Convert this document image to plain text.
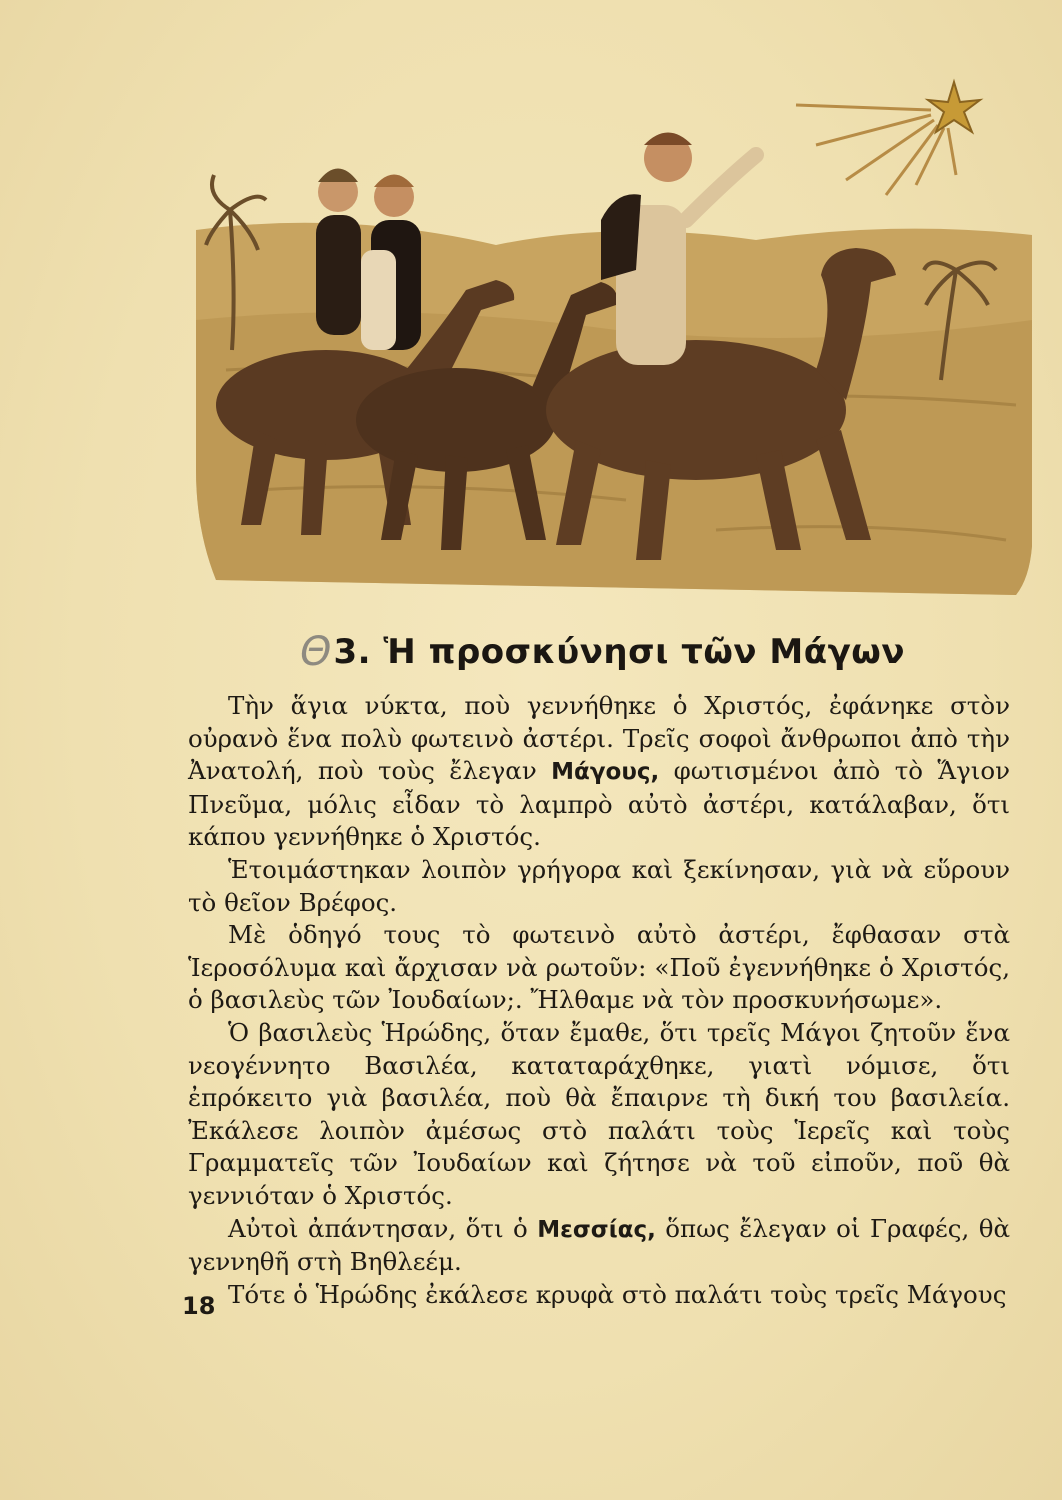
Θ 3. Ἡ προσκύνησι τῶν Μάγων

Τὴν ἅγια νύκτα, ποὺ γεννήθηκε ὁ Χριστός, ἐφάνηκε στὸν οὐρανὸ ἕνα πολὺ φωτεινὸ ἀστέρι. Τρεῖς σοφοὶ ἄνθρωποι ἀπὸ τὴν Ἀνατολή, ποὺ τοὺς ἔλεγαν Μάγους, φωτισμένοι ἀπὸ τὸ Ἅγιον Πνεῦμα, μόλις εἶδαν τὸ λαμπρὸ αὐτὸ ἀστέρι, κατάλαβαν, ὅτι κάπου γεννήθηκε ὁ Χριστός.

Ἑτοιμάστηκαν λοιπὸν γρήγορα καὶ ξεκίνησαν, γιὰ νὰ εὕρουν τὸ θεῖον Βρέφος.

Μὲ ὁδηγό τους τὸ φωτεινὸ αὐτὸ ἀστέρι, ἔφθασαν στὰ Ἱεροσόλυμα καὶ ἄρχισαν νὰ ρωτοῦν: «Ποῦ ἐγεννήθηκε ὁ Χριστός, ὁ βασιλεὺς τῶν Ἰουδαίων;. Ἤλθαμε νὰ τὸν προσκυνήσωμε».

Ὁ βασιλεὺς Ἡρώδης, ὅταν ἔμαθε, ὅτι τρεῖς Μάγοι ζητοῦν ἕνα νεογέννητο Βασιλέα, καταταράχθηκε, γιατὶ νόμισε, ὅτι ἐπρόκειτο γιὰ βασιλέα, ποὺ θὰ ἔπαιρνε τὴ δική του βασιλεία. Ἐκάλεσε λοιπὸν ἀμέσως στὸ παλάτι τοὺς Ἱερεῖς καὶ τοὺς Γραμματεῖς τῶν Ἰουδαίων καὶ ζήτησε νὰ τοῦ εἰποῦν, ποῦ θὰ γεννιόταν ὁ Χριστός.

Αὐτοὶ ἀπάντησαν, ὅτι ὁ Μεσσίας, ὅπως ἔλεγαν οἱ Γραφές, θὰ γεννηθῆ στὴ Βηθλεέμ.

Τότε ὁ Ἡρώδης ἐκάλεσε κρυφὰ στὸ παλάτι τοὺς τρεῖς Μάγους

18
